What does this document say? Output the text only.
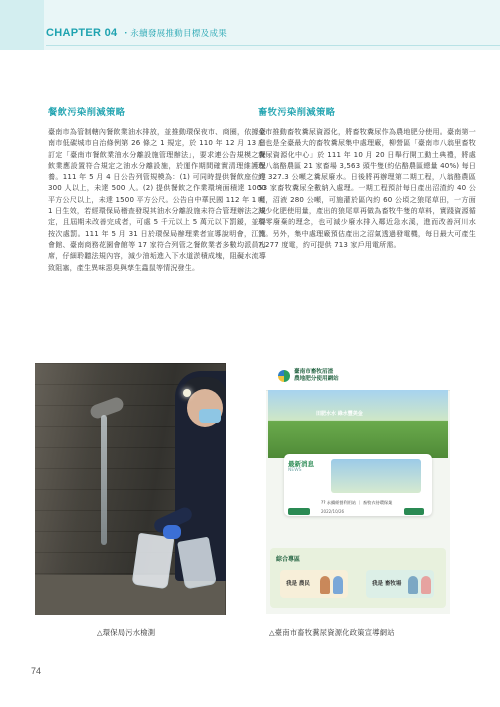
CHAPTER 04 ・永續發展推動目標及成果

餐飲污染削減策略

臺南市為管制轄內餐飲業油水排放，並推動環保夜市、商圈，依據臺南市低碳城市自治條例第 26 條之 1 規定，於 110 年 12 月 13 日訂定「臺南市餐飲業油水分離設施管理辦法」，要求連公告規模之餐飲業應設置符合規定之油水分離設施，於運作期間確實清理維護保養。111 年 5 月 4 日公告列管規模為：(1) 可同時提供餐飲座位達 300 人以上，未達 500 人。(2) 提供餐飲之作業環境面積達 1000 平方公尺以上，未達 1500 平方公尺。公告自中華民國 112 年 1 月 1 日生效，若經環保局稽查發現其油水分離設施未符合管理辦法之規定，且屆期未改善完成者，可處 5 千元以上 5 萬元以下罰鍰，並得按次處罰。111 年 5 月 31 日於環保局辦理業者宣導說明會，江南會館、臺南商務花園會館等 17 家符合列管之餐飲業者多數均派員出席，仔細聆聽法規內容，減少油垢進入下水道淤積成塊，阻礙水流導致阻塞，產生異味惡臭與孳生蟲鼠等情況發生。

畜牧污染削減策略

全市推動畜牧糞尿資源化，將畜牧糞尿作為農地肥分使用。臺南第一座也是全臺最大的畜牧糞尿集中處理廠，柳營區「臺南市八翁里畜牧糞尿資源化中心」於 111 年 10 月 20 日舉行開工動土典禮，將處理八翁酪農區 21 家畜場 3,563 頭牛隻(約佔酪農區總量 40%) 每日約 327.3 公噸之糞尿廢水。日後將再辦理第二期工程，八翁酪農區 53 家畜牧糞尿全數納入處理。一期工程預計每日產出沼渣約 40 公噸，沼液 280 公噸，可施灌於區內約 60 公頃之狼尾草田，一方面減少化肥使用量，產出的狼尾草再做為畜牧牛隻的草料，實踐資源循環零廢棄的理念，也可減少廢水排入鄰近急水溪，進而改善河川水質。另外，集中處理廠預估產出之沼氣透過發電機，每日最大可產生 7,277 度電，約可提供 713 家戶用電所需。

臺南市畜牧沼渣
農地肥分使用網站
田肥水水 綠水豐美金
最新消息
NEWS
?? 永續經營利用站 ｜ 畜牧衣待環保業
2022/10/26
綜合專區
我是 農民	我是 畜牧場
△環保局污水檢測	△臺南市畜牧糞尿資源化政策宣導網站
74
